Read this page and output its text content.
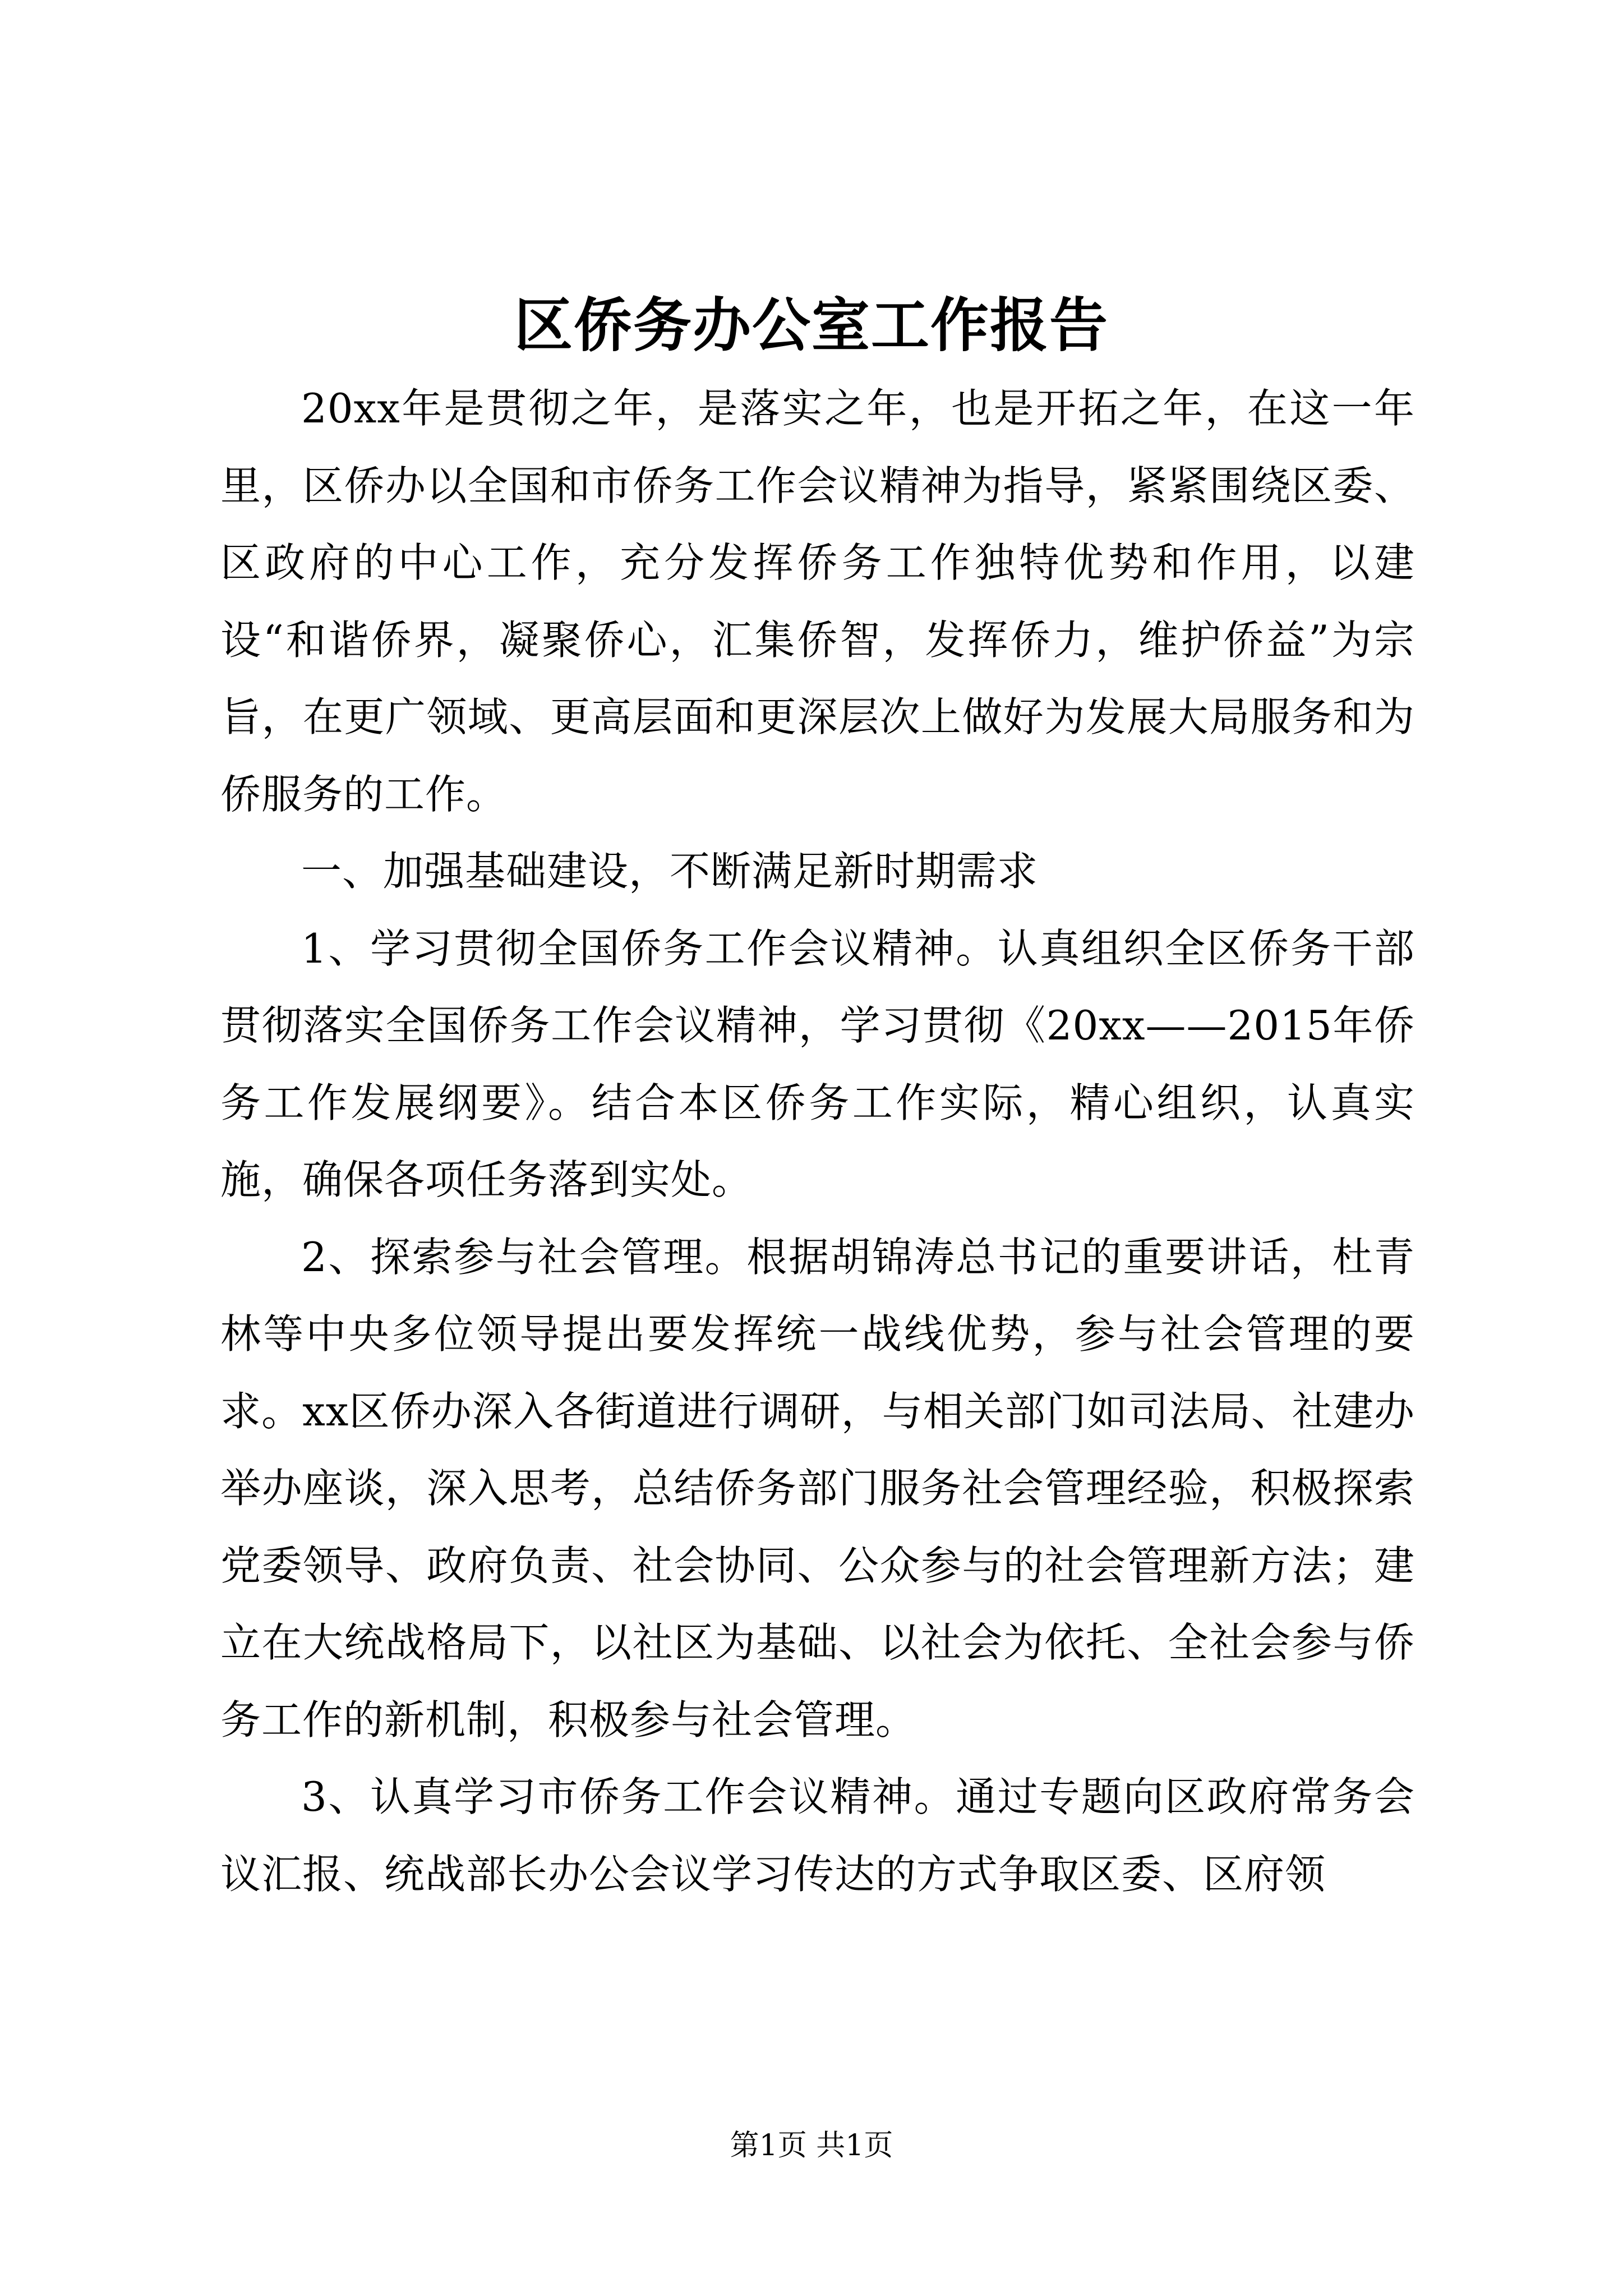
区侨务办公室工作报告

20xx年是贯彻之年，是落实之年，也是开拓之年，在这一年里，区侨办以全国和市侨务工作会议精神为指导，紧紧围绕区委、区政府的中心工作，充分发挥侨务工作独特优势和作用，以建设“和谐侨界，凝聚侨心，汇集侨智，发挥侨力，维护侨益”为宗旨，在更广领域、更高层面和更深层次上做好为发展大局服务和为侨服务的工作。

一、加强基础建设，不断满足新时期需求

1、学习贯彻全国侨务工作会议精神。认真组织全区侨务干部贯彻落实全国侨务工作会议精神，学习贯彻《20xx——2015年侨务工作发展纲要》。结合本区侨务工作实际，精心组织，认真实施，确保各项任务落到实处。

2、探索参与社会管理。根据胡锦涛总书记的重要讲话，杜青林等中央多位领导提出要发挥统一战线优势，参与社会管理的要求。xx区侨办深入各街道进行调研，与相关部门如司法局、社建办举办座谈，深入思考，总结侨务部门服务社会管理经验，积极探索党委领导、政府负责、社会协同、公众参与的社会管理新方法；建立在大统战格局下，以社区为基础、以社会为依托、全社会参与侨务工作的新机制，积极参与社会管理。

3、认真学习市侨务工作会议精神。通过专题向区政府常务会议汇报、统战部长办公会议学习传达的方式争取区委、区府领

第1页 共1页
